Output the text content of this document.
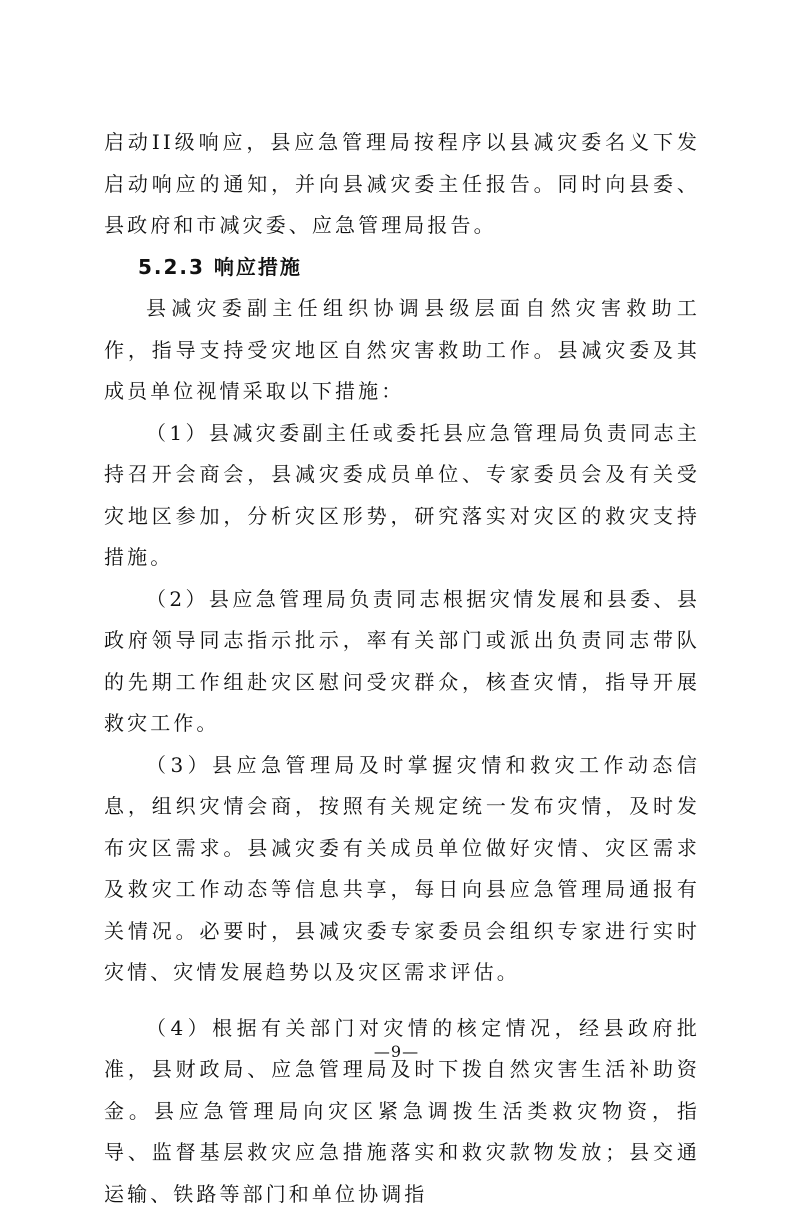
启动II级响应，县应急管理局按程序以县减灾委名义下发启动响应的通知，并向县减灾委主任报告。同时向县委、县政府和市减灾委、应急管理局报告。

5.2.3 响应措施

县减灾委副主任组织协调县级层面自然灾害救助工作，指导支持受灾地区自然灾害救助工作。县减灾委及其成员单位视情采取以下措施：

（1）县减灾委副主任或委托县应急管理局负责同志主持召开会商会，县减灾委成员单位、专家委员会及有关受灾地区参加，分析灾区形势，研究落实对灾区的救灾支持措施。

（2）县应急管理局负责同志根据灾情发展和县委、县政府领导同志指示批示，率有关部门或派出负责同志带队的先期工作组赴灾区慰问受灾群众，核查灾情，指导开展救灾工作。

（3）县应急管理局及时掌握灾情和救灾工作动态信息，组织灾情会商，按照有关规定统一发布灾情，及时发布灾区需求。县减灾委有关成员单位做好灾情、灾区需求及救灾工作动态等信息共享，每日向县应急管理局通报有关情况。必要时，县减灾委专家委员会组织专家进行实时灾情、灾情发展趋势以及灾区需求评估。

（4）根据有关部门对灾情的核定情况，经县政府批准，县财政局、应急管理局及时下拨自然灾害生活补助资金。县应急管理局向灾区紧急调拨生活类救灾物资，指导、监督基层救灾应急措施落实和救灾款物发放；县交通运输、铁路等部门和单位协调指

—9—
